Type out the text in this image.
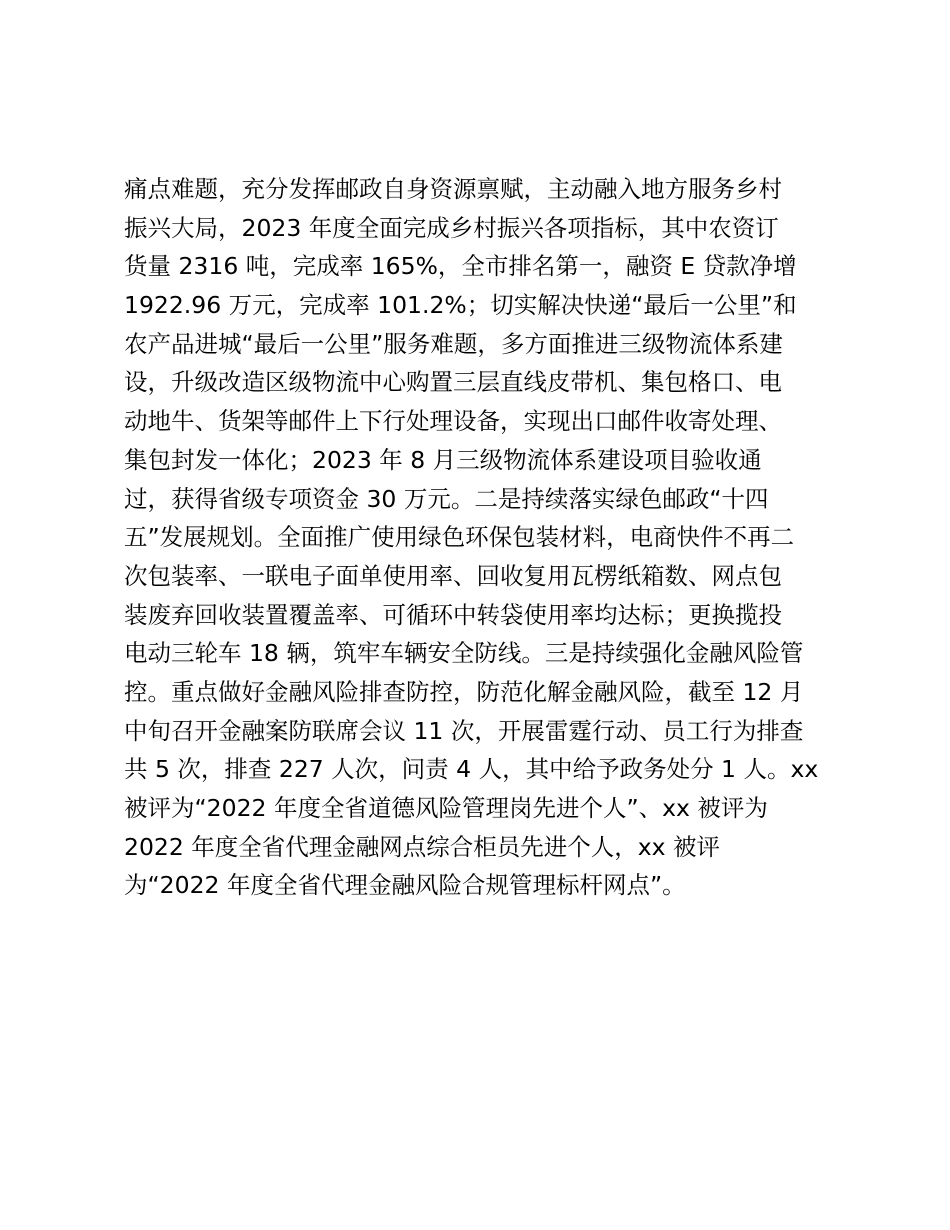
痛点难题，充分发挥邮政自身资源禀赋，主动融入地方服务乡村
振兴大局，2023 年度全面完成乡村振兴各项指标，其中农资订
货量 2316 吨，完成率 165%，全市排名第一，融资 E 贷款净增
1922.96 万元，完成率 101.2%；切实解决快递“最后一公里”和
农产品进城“最后一公里”服务难题，多方面推进三级物流体系建
设，升级改造区级物流中心购置三层直线皮带机、集包格口、电
动地牛、货架等邮件上下行处理设备，实现出口邮件收寄处理、
集包封发一体化；2023 年 8 月三级物流体系建设项目验收通
过，获得省级专项资金 30 万元。二是持续落实绿色邮政“十四
五”发展规划。全面推广使用绿色环保包装材料，电商快件不再二
次包装率、一联电子面单使用率、回收复用瓦楞纸箱数、网点包
装废弃回收装置覆盖率、可循环中转袋使用率均达标；更换揽投
电动三轮车 18 辆，筑牢车辆安全防线。三是持续强化金融风险管
控。重点做好金融风险排查防控，防范化解金融风险，截至 12 月
中旬召开金融案防联席会议 11 次，开展雷霆行动、员工行为排查
共 5 次，排查 227 人次，问责 4 人，其中给予政务处分 1 人。xx
被评为“2022 年度全省道德风险管理岗先进个人”、xx 被评为
2022 年度全省代理金融网点综合柜员先进个人，xx 被评
为“2022 年度全省代理金融风险合规管理标杆网点”。
